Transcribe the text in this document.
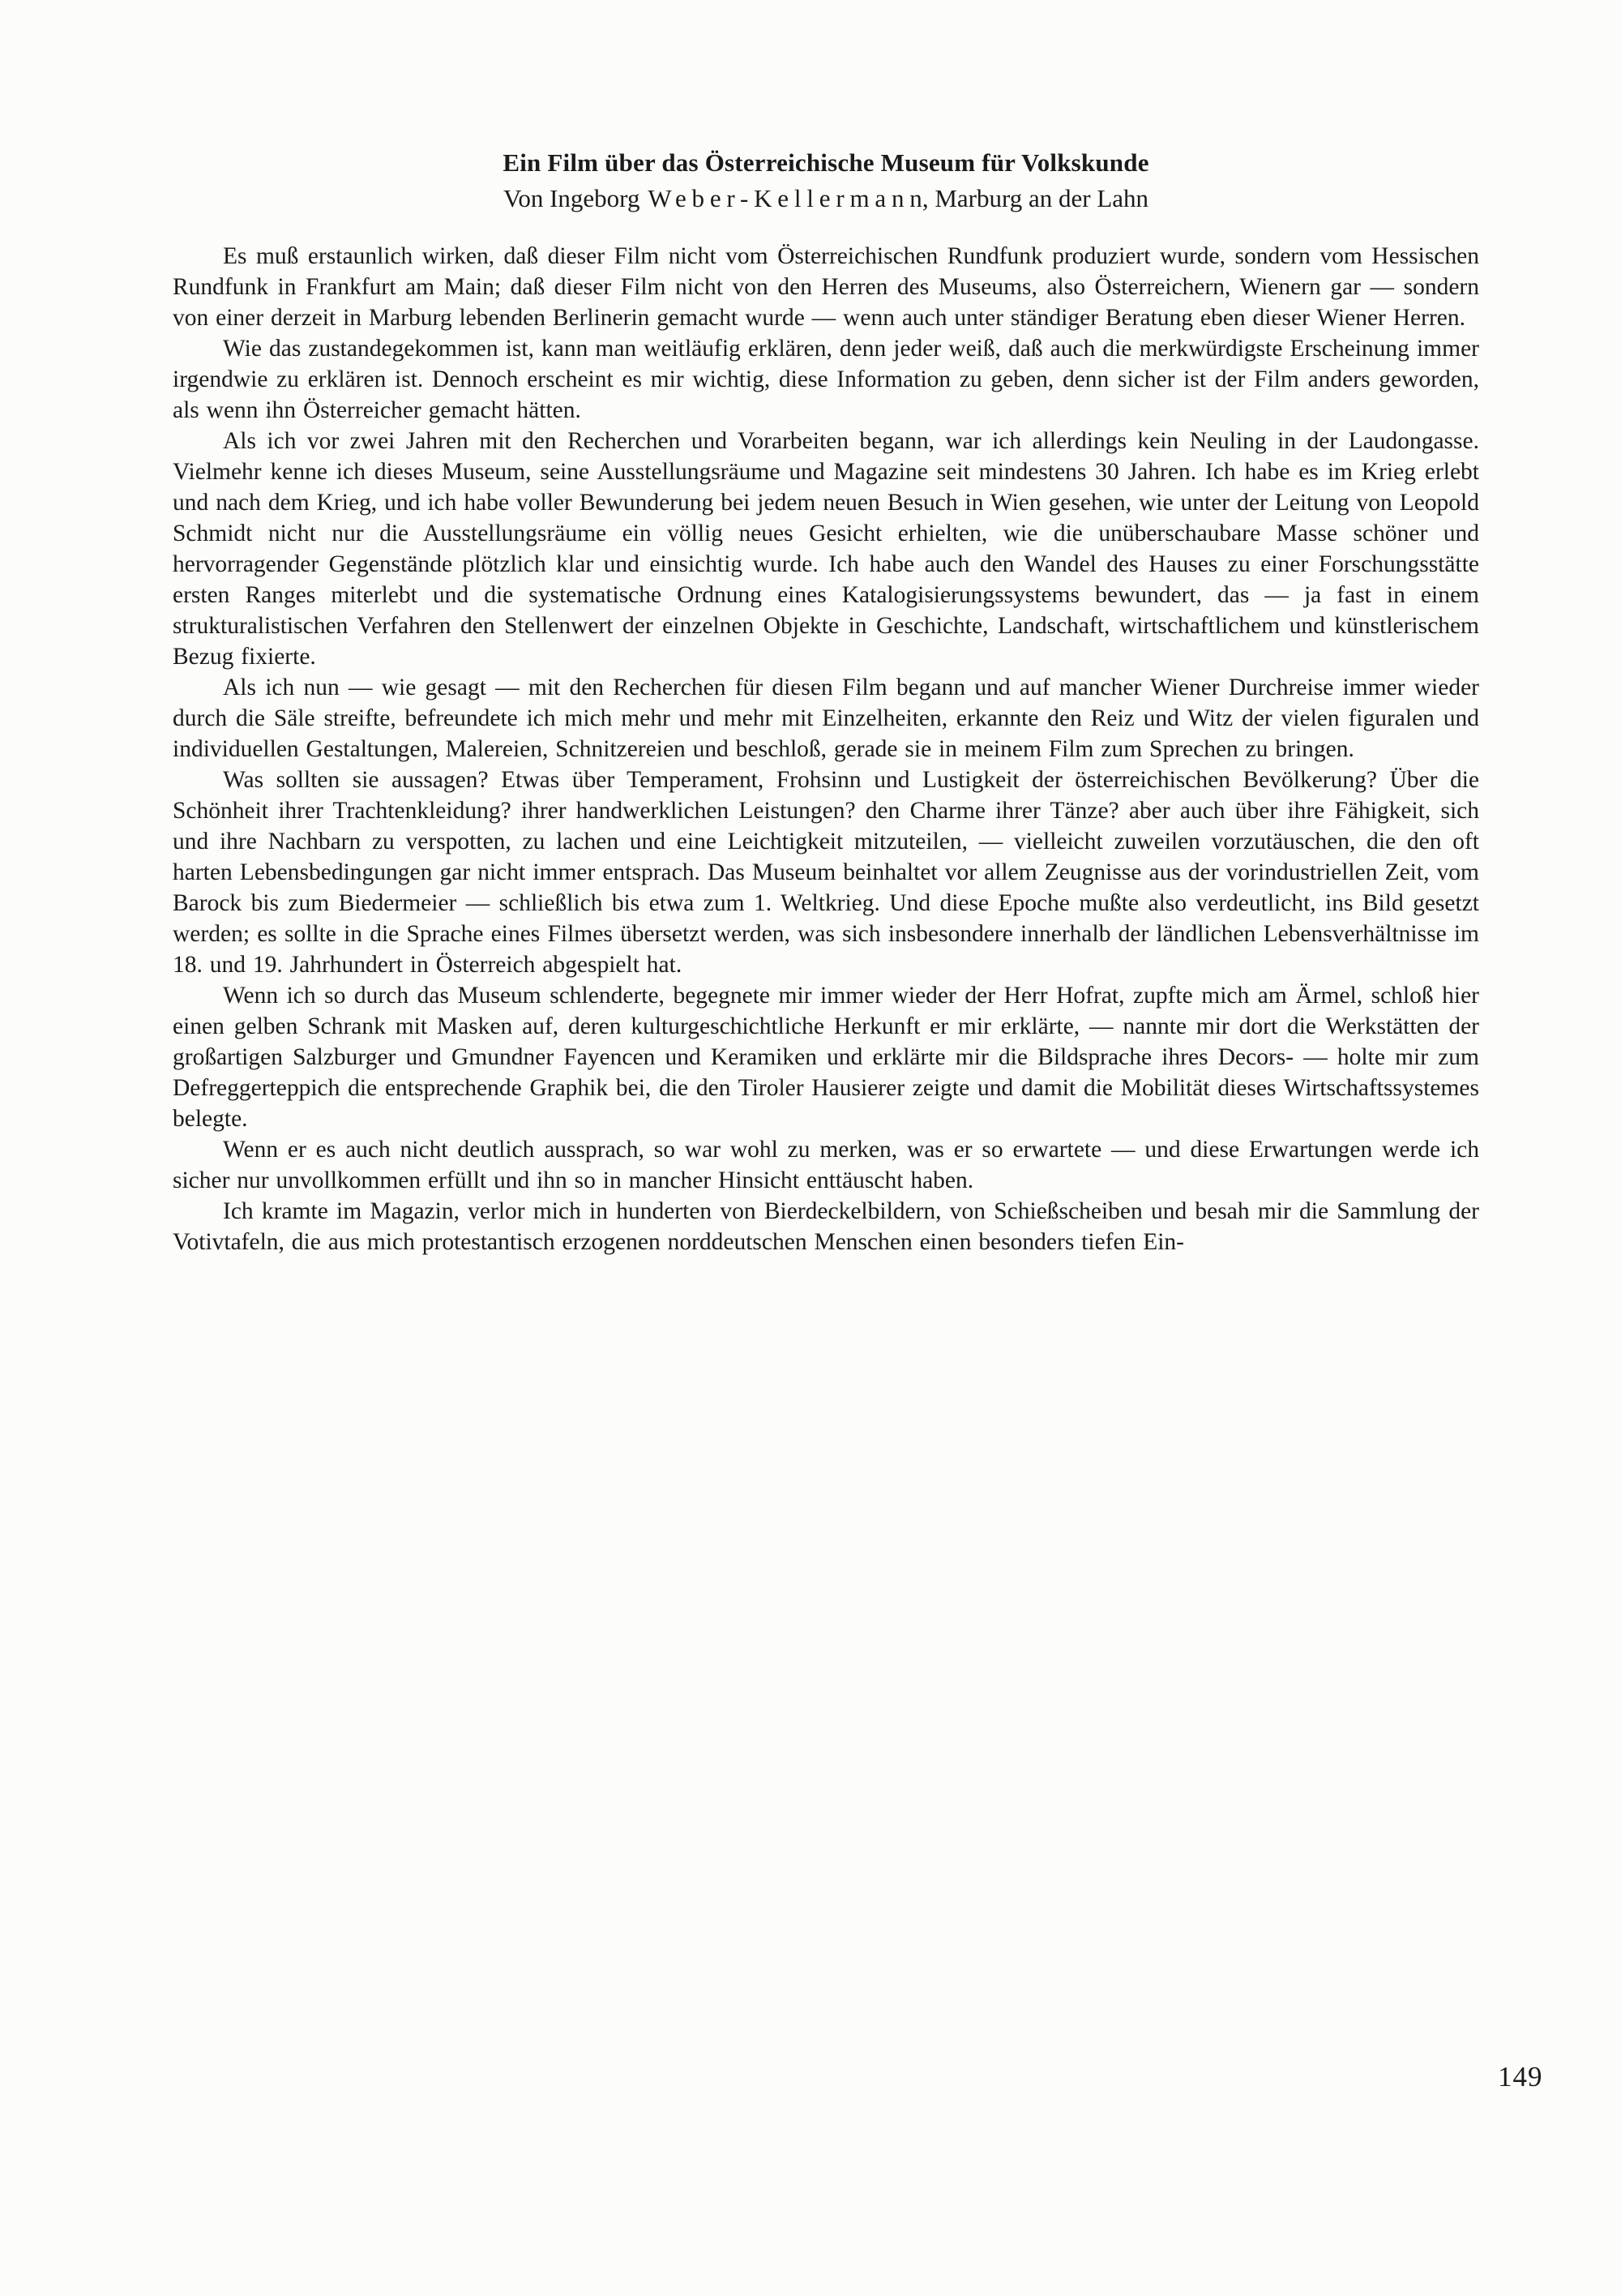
Ein Film über das Österreichische Museum für Volkskunde
Von Ingeborg Weber-Kellermann, Marburg an der Lahn

Es muß erstaunlich wirken, daß dieser Film nicht vom Österreichischen Rundfunk produziert wurde, sondern vom Hessischen Rundfunk in Frankfurt am Main; daß dieser Film nicht von den Herren des Museums, also Österreichern, Wienern gar — sondern von einer derzeit in Marburg lebenden Berlinerin gemacht wurde — wenn auch unter ständiger Beratung eben dieser Wiener Herren.

Wie das zustandegekommen ist, kann man weitläufig erklären, denn jeder weiß, daß auch die merkwürdigste Erscheinung immer irgendwie zu erklären ist. Dennoch erscheint es mir wichtig, diese Information zu geben, denn sicher ist der Film anders geworden, als wenn ihn Österreicher gemacht hätten.

Als ich vor zwei Jahren mit den Recherchen und Vorarbeiten begann, war ich allerdings kein Neuling in der Laudongasse. Vielmehr kenne ich dieses Museum, seine Ausstellungsräume und Magazine seit mindestens 30 Jahren. Ich habe es im Krieg erlebt und nach dem Krieg, und ich habe voller Bewunderung bei jedem neuen Besuch in Wien gesehen, wie unter der Leitung von Leopold Schmidt nicht nur die Ausstellungsräume ein völlig neues Gesicht erhielten, wie die unüberschaubare Masse schöner und hervorragender Gegenstände plötzlich klar und einsichtig wurde. Ich habe auch den Wandel des Hauses zu einer Forschungsstätte ersten Ranges miterlebt und die systematische Ordnung eines Katalogisierungssystems bewundert, das — ja fast in einem strukturalistischen Verfahren den Stellenwert der einzelnen Objekte in Geschichte, Landschaft, wirtschaftlichem und künstlerischem Bezug fixierte.

Als ich nun — wie gesagt — mit den Recherchen für diesen Film begann und auf mancher Wiener Durchreise immer wieder durch die Säle streifte, befreundete ich mich mehr und mehr mit Einzelheiten, erkannte den Reiz und Witz der vielen figuralen und individuellen Gestaltungen, Malereien, Schnitzereien und beschloß, gerade sie in meinem Film zum Sprechen zu bringen.

Was sollten sie aussagen? Etwas über Temperament, Frohsinn und Lustigkeit der österreichischen Bevölkerung? Über die Schönheit ihrer Trachtenkleidung? ihrer handwerklichen Leistungen? den Charme ihrer Tänze? aber auch über ihre Fähigkeit, sich und ihre Nachbarn zu verspotten, zu lachen und eine Leichtigkeit mitzuteilen, — vielleicht zuweilen vorzutäuschen, die den oft harten Lebensbedingungen gar nicht immer entsprach. Das Museum beinhaltet vor allem Zeugnisse aus der vorindustriellen Zeit, vom Barock bis zum Biedermeier — schließlich bis etwa zum 1. Weltkrieg. Und diese Epoche mußte also verdeutlicht, ins Bild gesetzt werden; es sollte in die Sprache eines Filmes übersetzt werden, was sich insbesondere innerhalb der ländlichen Lebensverhältnisse im 18. und 19. Jahrhundert in Österreich abgespielt hat.

Wenn ich so durch das Museum schlenderte, begegnete mir immer wieder der Herr Hofrat, zupfte mich am Ärmel, schloß hier einen gelben Schrank mit Masken auf, deren kulturgeschichtliche Herkunft er mir erklärte, — nannte mir dort die Werkstätten der großartigen Salzburger und Gmundner Fayencen und Keramiken und erklärte mir die Bildsprache ihres Decors- — holte mir zum Defreggerteppich die entsprechende Graphik bei, die den Tiroler Hausierer zeigte und damit die Mobilität dieses Wirtschaftssystemes belegte.

Wenn er es auch nicht deutlich aussprach, so war wohl zu merken, was er so erwartete — und diese Erwartungen werde ich sicher nur unvollkommen erfüllt und ihn so in mancher Hinsicht enttäuscht haben.

Ich kramte im Magazin, verlor mich in hunderten von Bierdeckelbildern, von Schießscheiben und besah mir die Sammlung der Votivtafeln, die aus mich protestantisch erzogenen norddeutschen Menschen einen besonders tiefen Ein-

149
